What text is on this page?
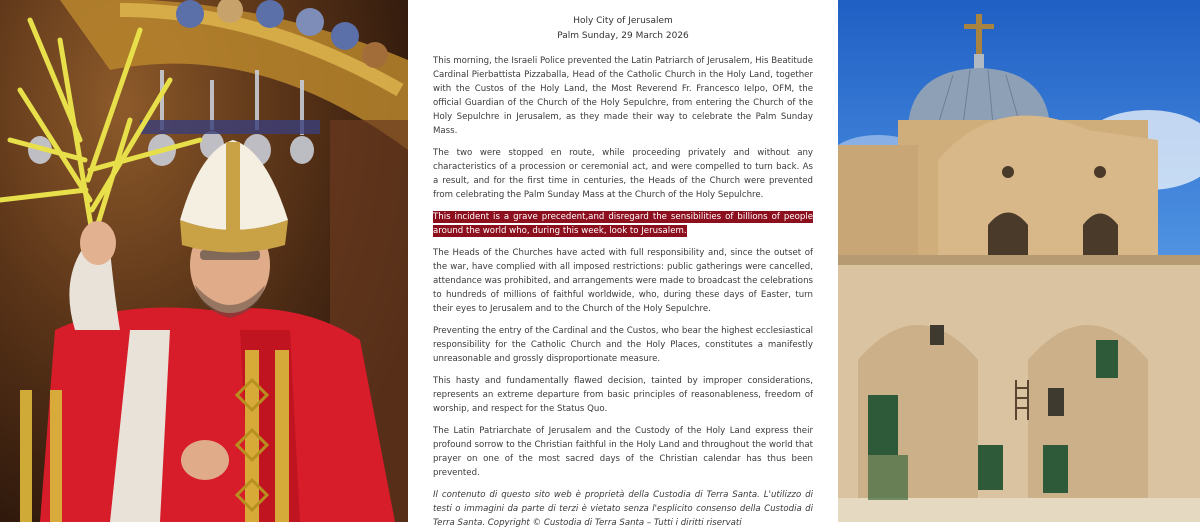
Holy City of Jerusalem
Palm Sunday, 29 March 2026

This morning, the Israeli Police prevented the Latin Patriarch of Jerusalem, His Beatitude Cardinal Pierbattista Pizzaballa, Head of the Catholic Church in the Holy Land, together with the Custos of the Holy Land, the Most Reverend Fr. Francesco Ielpo, OFM, the official Guardian of the Church of the Holy Sepulchre, from entering the Church of the Holy Sepulchre in Jerusalem, as they made their way to celebrate the Palm Sunday Mass.

The two were stopped en route, while proceeding privately and without any characteristics of a procession or ceremonial act, and were compelled to turn back. As a result, and for the first time in centuries, the Heads of the Church were prevented from celebrating the Palm Sunday Mass at the Church of the Holy Sepulchre.

This incident is a grave precedent,and disregard the sensibilities of billions of people around the world who, during this week, look to Jerusalem.

The Heads of the Churches have acted with full responsibility and, since the outset of the war, have complied with all imposed restrictions: public gatherings were cancelled, attendance was prohibited, and arrangements were made to broadcast the celebrations to hundreds of millions of faithful worldwide, who, during these days of Easter, turn their eyes to Jerusalem and to the Church of the Holy Sepulchre.

Preventing the entry of the Cardinal and the Custos, who bear the highest ecclesiastical responsibility for the Catholic Church and the Holy Places, constitutes a manifestly unreasonable and grossly disproportionate measure.

This hasty and fundamentally flawed decision, tainted by improper considerations, represents an extreme departure from basic principles of reasonableness, freedom of worship, and respect for the Status Quo.

The Latin Patriarchate of Jerusalem and the Custody of the Holy Land express their profound sorrow to the Christian faithful in the Holy Land and throughout the world that prayer on one of the most sacred days of the Christian calendar has thus been prevented.

Il contenuto di questo sito web è proprietà della Custodia di Terra Santa. L'utilizzo di testi o immagini da parte di terzi è vietato senza l'esplicito consenso della Custodia di Terra Santa. Copyright © Custodia di Terra Santa – Tutti i diritti riservati
